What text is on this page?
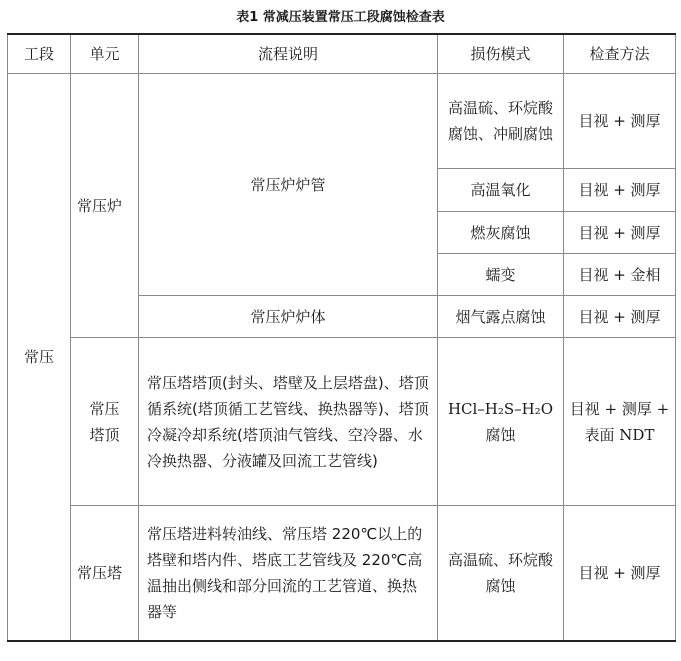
表1 常减压装置常压工段腐蚀检查表
工段	单元	流程说明	损伤模式	检查方法
常压	常压炉	常压炉炉管	高温硫、环烷酸腐蚀、冲刷腐蚀	目视 + 测厚
			高温氧化	目视 + 测厚
			燃灰腐蚀	目视 + 测厚
			蠕变	目视 + 金相
		常压炉炉体	烟气露点腐蚀	目视 + 测厚
	常压塔顶	常压塔塔顶(封头、塔壁及上层塔盘)、塔顶循系统(塔顶循工艺管线、换热器等)、塔顶冷凝冷却系统(塔顶油气管线、空冷器、水冷换热器、分液罐及回流工艺管线)	HCl–H₂S–H₂O 腐蚀	目视 + 测厚 + 表面 NDT
	常压塔	常压塔进料转油线、常压塔 220℃以上的塔壁和塔内件、塔底工艺管线及 220℃高温抽出侧线和部分回流的工艺管道、换热器等	高温硫、环烷酸腐蚀	目视 + 测厚
